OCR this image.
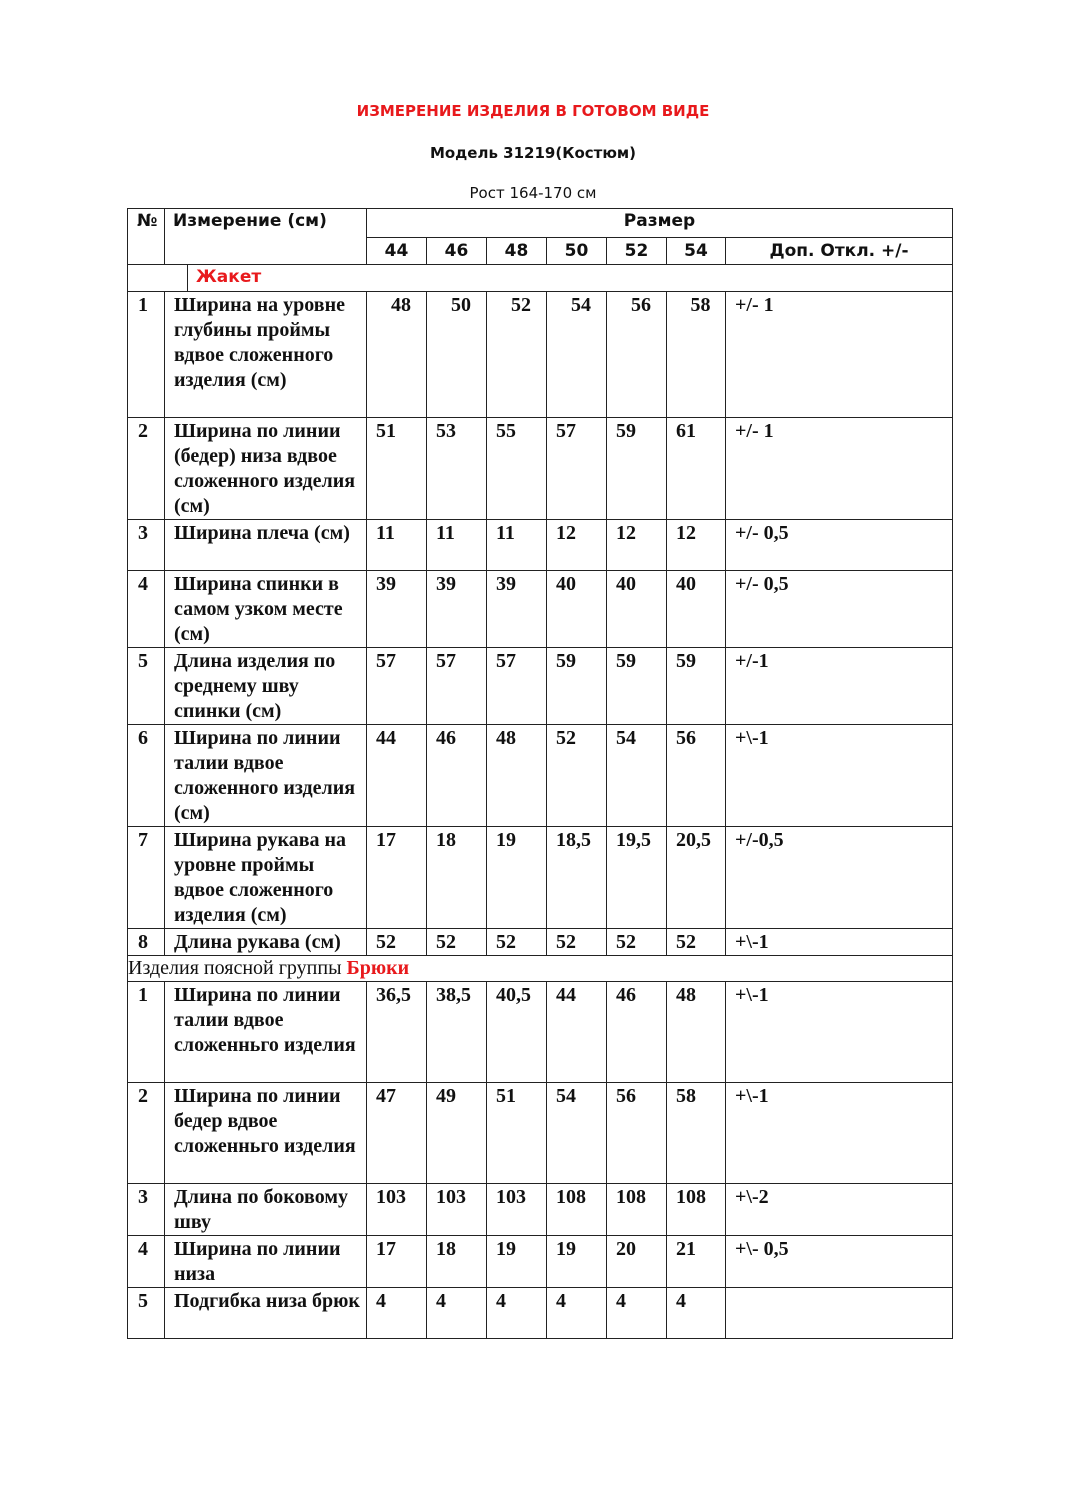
ИЗМЕРЕНИЕ ИЗДЕЛИЯ В ГОТОВОМ ВИДЕ
Модель 31219(Костюм)
Рост 164-170 см
№	Измерение (см)	Размер						
		44	46	48	50	52	54	Доп. Откл. +/-

Жакет								

1	Ширина на уровне глубины проймы вдвое сложенного изделия (см)	48	50	52	54	56	58	+/- 1
2	Ширина по линии (бедер) низа вдвое сложенного изделия (см)	51	53	55	57	59	61	+/- 1
3	Ширина плеча (см)	11	11	11	12	12	12	+/- 0,5
4	Ширина спинки в самом узком месте (см)	39	39	39	40	40	40	+/- 0,5
5	Длина изделия по среднему шву спинки (см)	57	57	57	59	59	59	+/-1
6	Ширина по линии талии вдвое сложенного изделия (см)	44	46	48	52	54	56	+\-1
7	Ширина рукава на уровне проймы вдвое сложенного изделия (см)	17	18	19	18,5	19,5	20,5	+/-0,5
8	Длина рукава (см)	52	52	52	52	52	52	+\-1
Изделия поясной группы Брюки								
1	Ширина по линии талии вдвое сложенньго изделия	36,5	38,5	40,5	44	46	48	+\-1
2	Ширина по линии бедер вдвое сложенньго изделия	47	49	51	54	56	58	+\-1
3	Длина по боковому шву	103	103	103	108	108	108	+\-2
4	Ширина по линии низа	17	18	19	19	20	21	+\- 0,5
5	Подгибка низа брюк	4	4	4	4	4	4	
